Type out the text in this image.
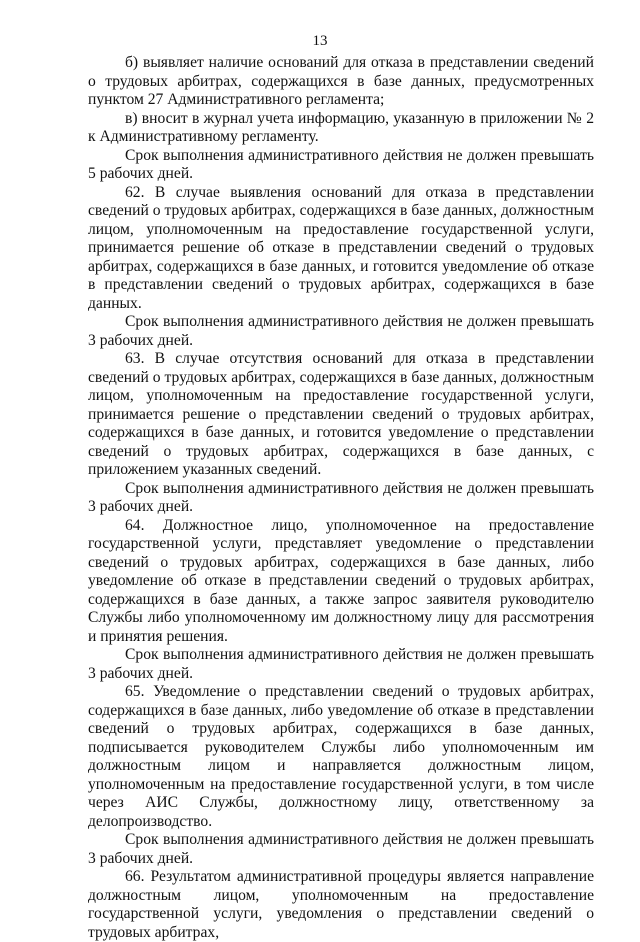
13

б) выявляет наличие оснований для отказа в представлении сведений о трудовых арбитрах, содержащихся в базе данных, предусмотренных пунктом 27 Административного регламента;

в) вносит в журнал учета информацию, указанную в приложении № 2 к Административному регламенту.

Срок выполнения административного действия не должен превышать 5 рабочих дней.

62. В случае выявления оснований для отказа в представлении сведений о трудовых арбитрах, содержащихся в базе данных, должностным лицом, уполномоченным на предоставление государственной услуги, принимается решение об отказе в представлении сведений о трудовых арбитрах, содержащихся в базе данных, и готовится уведомление об отказе в представлении сведений о трудовых арбитрах, содержащихся в базе данных.

Срок выполнения административного действия не должен превышать 3 рабочих дней.

63. В случае отсутствия оснований для отказа в представлении сведений о трудовых арбитрах, содержащихся в базе данных, должностным лицом, уполномоченным на предоставление государственной услуги, принимается решение о представлении сведений о трудовых арбитрах, содержащихся в базе данных, и готовится уведомление о представлении сведений о трудовых арбитрах, содержащихся в базе данных, с приложением указанных сведений.

Срок выполнения административного действия не должен превышать 3 рабочих дней.

64. Должностное лицо, уполномоченное на предоставление государственной услуги, представляет уведомление о представлении сведений о трудовых арбитрах, содержащихся в базе данных, либо уведомление об отказе в представлении сведений о трудовых арбитрах, содержащихся в базе данных, а также запрос заявителя руководителю Службы либо уполномоченному им должностному лицу для рассмотрения и принятия решения.

Срок выполнения административного действия не должен превышать 3 рабочих дней.

65. Уведомление о представлении сведений о трудовых арбитрах, содержащихся в базе данных, либо уведомление об отказе в представлении сведений о трудовых арбитрах, содержащихся в базе данных, подписывается руководителем Службы либо уполномоченным им должностным лицом и направляется должностным лицом, уполномоченным на предоставление государственной услуги, в том числе через АИС Службы, должностному лицу, ответственному за делопроизводство.

Срок выполнения административного действия не должен превышать 3 рабочих дней.

66. Результатом административной процедуры является направление должностным лицом, уполномоченным на предоставление государственной услуги, уведомления о представлении сведений о трудовых арбитрах,
